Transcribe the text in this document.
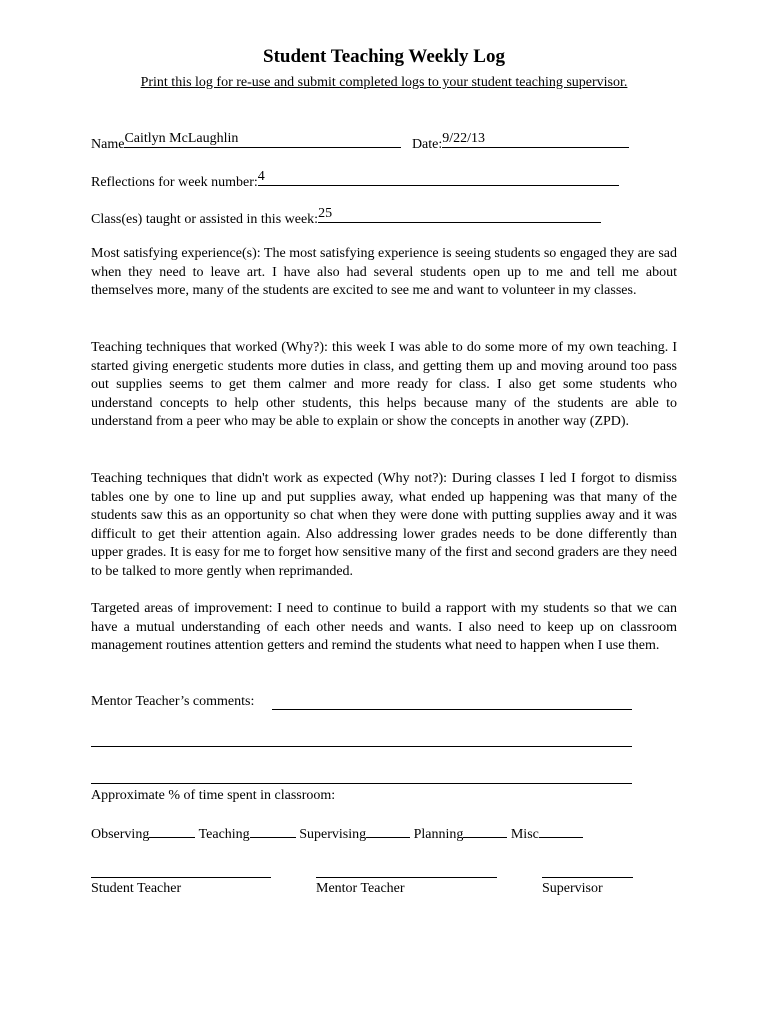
Student Teaching Weekly Log
Print this log for re-use and submit completed logs to your student teaching supervisor.
Name Caitlyn McLaughlin	Date: 9/22/13
Reflections for week number: 4
Class(es) taught or assisted in this week: 25
Most satisfying experience(s): The most satisfying experience is seeing students so engaged they are sad when they need to leave art. I have also had several students open up to me and tell me about themselves more, many of the students are excited to see me and want to volunteer in my classes.
Teaching techniques that worked (Why?): this week I was able to do some more of my own teaching. I started giving energetic students more duties in class, and getting them up and moving around too pass out supplies seems to get them calmer and more ready for class. I also get some students who understand concepts to help other students, this helps because many of the students are able to understand from a peer who may be able to explain or show the concepts in another way (ZPD).
Teaching techniques that didn't work as expected (Why not?): During classes I led I forgot to dismiss tables one by one to line up and put supplies away, what ended up happening was that many of the students saw this as an opportunity so chat when they were done with putting supplies away and it was difficult to get their attention again. Also addressing lower grades needs to be done differently than upper grades. It is easy for me to forget how sensitive many of the first and second graders are they need to be talked to more gently when reprimanded.
Targeted areas of improvement: I need to continue to build a rapport with my students so that we can have a mutual understanding of each other needs and wants. I also need to keep up on classroom management routines attention getters and remind the students what need to happen when I use them.
Mentor Teacher’s comments:
Approximate % of time spent in classroom:
Observing	Teaching	Supervising	Planning	Misc
Student Teacher	Mentor Teacher	Supervisor
